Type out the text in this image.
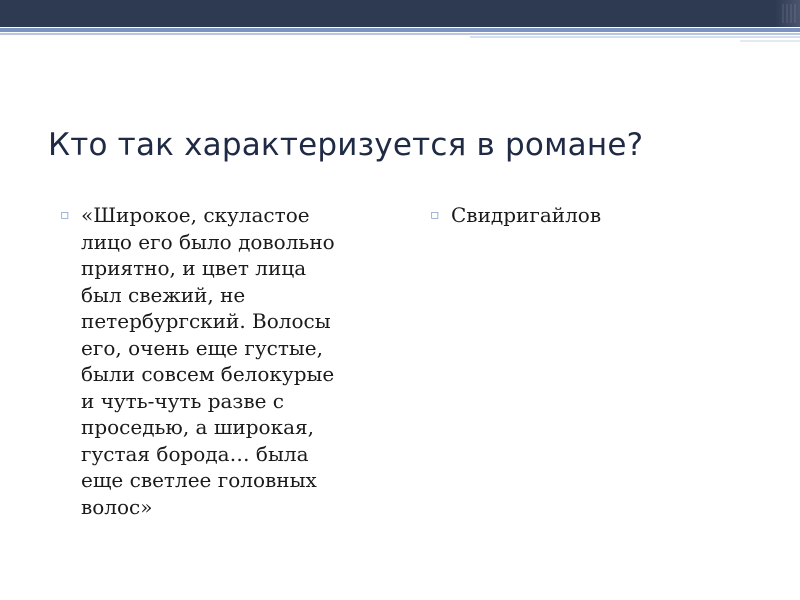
Кто так характеризуется в романе?
▫ «Широкое, скуластое
лицо его было довольно
приятно, и цвет лица
был свежий, не
петербургский. Волосы
его, очень еще густые,
были совсем белокурые
и чуть-чуть разве с
проседью, а широкая,
густая борода… была
еще светлее головных
волос»
▫ Свидригайлов
